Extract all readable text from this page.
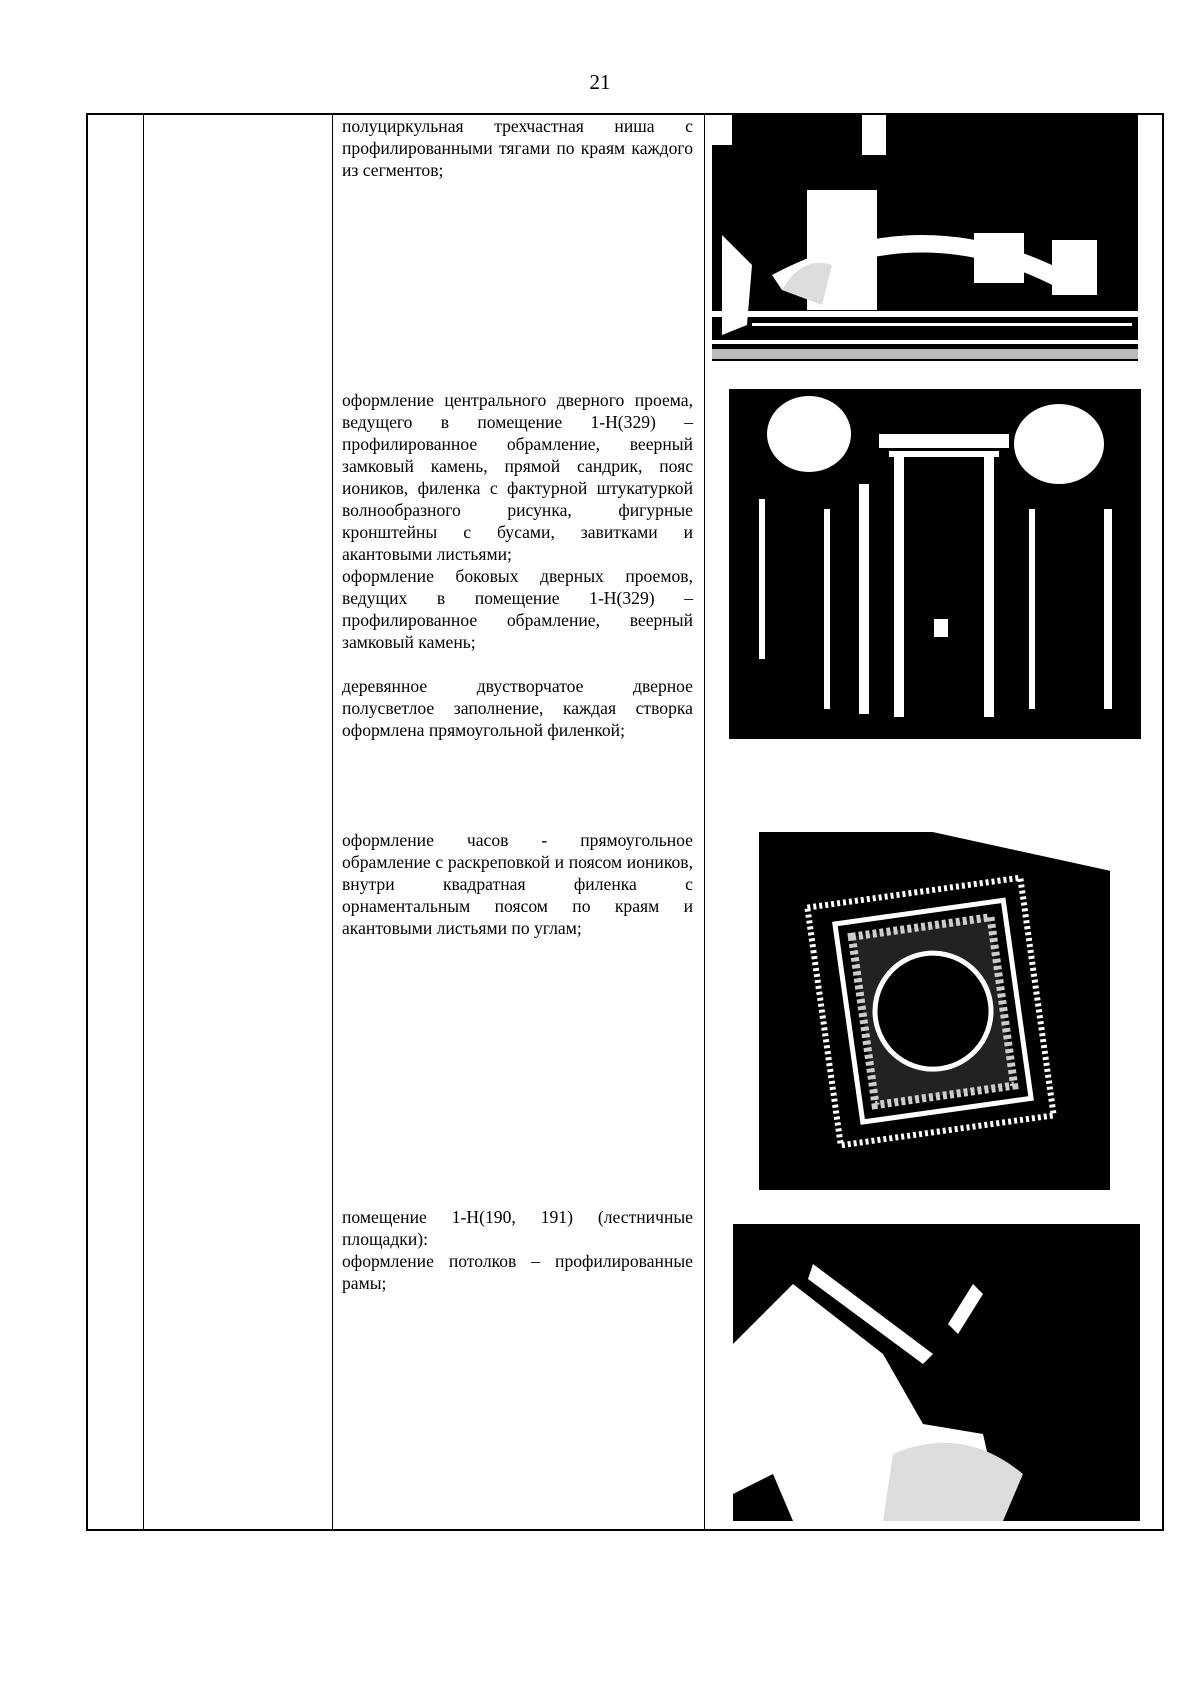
21

полуциркульная трехчастная ниша с профилированными тягами по краям каждого из сегментов;

оформление центрального дверного проема, ведущего в помещение 1-Н(329) – профилированное обрамление, веерный замковый камень, прямой сандрик, пояс иоников, филенка с фактурной штукатуркой волнообразного рисунка, фигурные кронштейны с бусами, завитками и акантовыми листьями;

оформление боковых дверных проемов, ведущих в помещение 1-Н(329) – профилированное обрамление, веерный замковый камень;

деревянное двустворчатое дверное полусветлое заполнение, каждая створка оформлена прямоугольной филенкой;

оформление часов - прямоугольное обрамление с раскреповкой и поясом иоников, внутри квадратная филенка с орнаментальным поясом по краям и акантовыми листьями по углам;

помещение 1-Н(190, 191) (лестничные площадки):

оформление потолков – профилированные рамы;
